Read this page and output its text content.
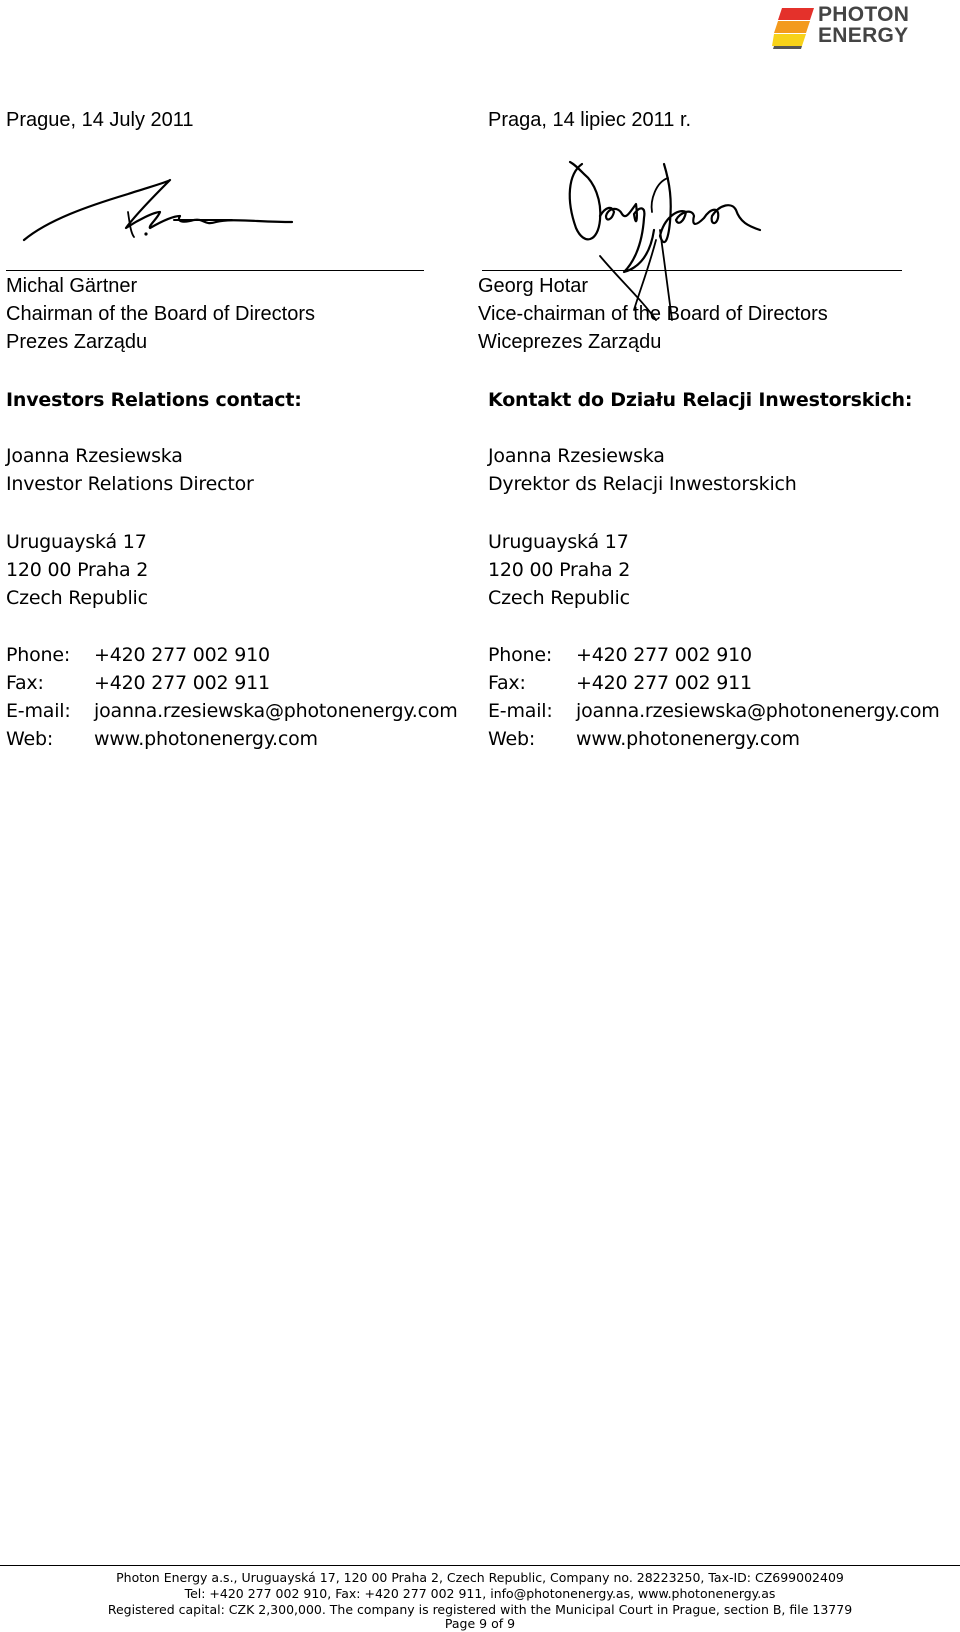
PHOTON
ENERGY
Prague, 14 July 2011	Praga, 14 lipiec 2011 r.
Michal Gärtner
Chairman of the Board of Directors
Prezes Zarządu
Georg Hotar
Vice-chairman of the Board of Directors
Wiceprezes Zarządu
Investors Relations contact:	Kontakt do Działu Relacji Inwestorskich:
Joanna Rzesiewska
Investor Relations Director
Joanna Rzesiewska
Dyrektor ds Relacji Inwestorskich
Uruguayská 17
120 00 Praha 2
Czech Republic
Uruguayská 17
120 00 Praha 2
Czech Republic
Phone: +420 277 002 910
Fax:	+420 277 002 911
E-mail: joanna.rzesiewska@photonenergy.com
Web: www.photonenergy.com
Phone: +420 277 002 910
Fax:	+420 277 002 911
E-mail: joanna.rzesiewska@photonenergy.com
Web: www.photonenergy.com
Photon Energy a.s., Uruguayská 17, 120 00 Praha 2, Czech Republic, Company no. 28223250, Tax-ID: CZ699002409
Tel: +420 277 002 910, Fax: +420 277 002 911, info@photonenergy.as, www.photonenergy.as
Registered capital: CZK 2,300,000. The company is registered with the Municipal Court in Prague, section B, file 13779
Page 9 of 9
